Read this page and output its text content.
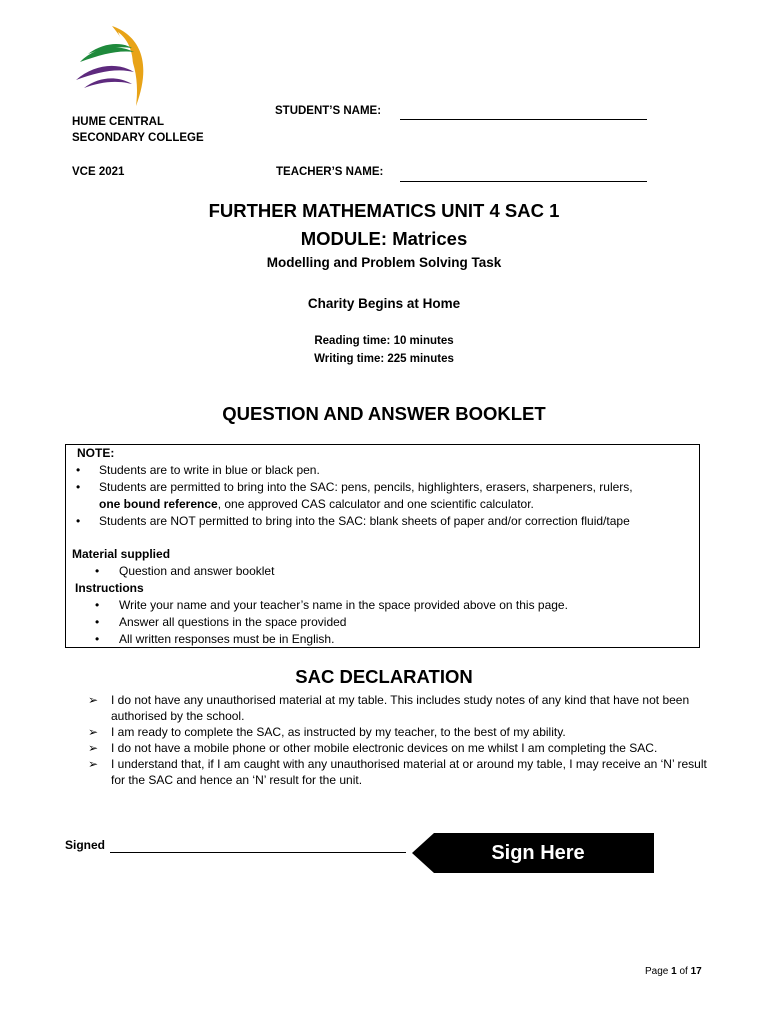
HUME CENTRAL
SECONDARY COLLEGE
VCE 2021
STUDENT’S NAME:
TEACHER’S NAME:
FURTHER MATHEMATICS UNIT 4 SAC 1
MODULE: Matrices
Modelling and Problem Solving Task
Charity Begins at Home
Reading time: 10 minutes
Writing time: 225 minutes
QUESTION AND ANSWER BOOKLET
NOTE:
• Students are to write in blue or black pen.
• Students are permitted to bring into the SAC: pens, pencils, highlighters, erasers, sharpeners, rulers,
one bound reference, one approved CAS calculator and one scientific calculator.
• Students are NOT permitted to bring into the SAC: blank sheets of paper and/or correction fluid/tape
Material supplied
• Question and answer booklet
Instructions
• Write your name and your teacher’s name in the space provided above on this page.
• Answer all questions in the space provided
• All written responses must be in English.
SAC DECLARATION
➢ I do not have any unauthorised material at my table. This includes study notes of any kind that have not been authorised by the school.
➢ I am ready to complete the SAC, as instructed by my teacher, to the best of my ability.
➢ I do not have a mobile phone or other mobile electronic devices on me whilst I am completing the SAC.
➢ I understand that, if I am caught with any unauthorised material at or around my table, I may receive an ‘N’ result for the SAC and hence an ‘N’ result for the unit.
Signed	Sign Here
Page 1 of 17
